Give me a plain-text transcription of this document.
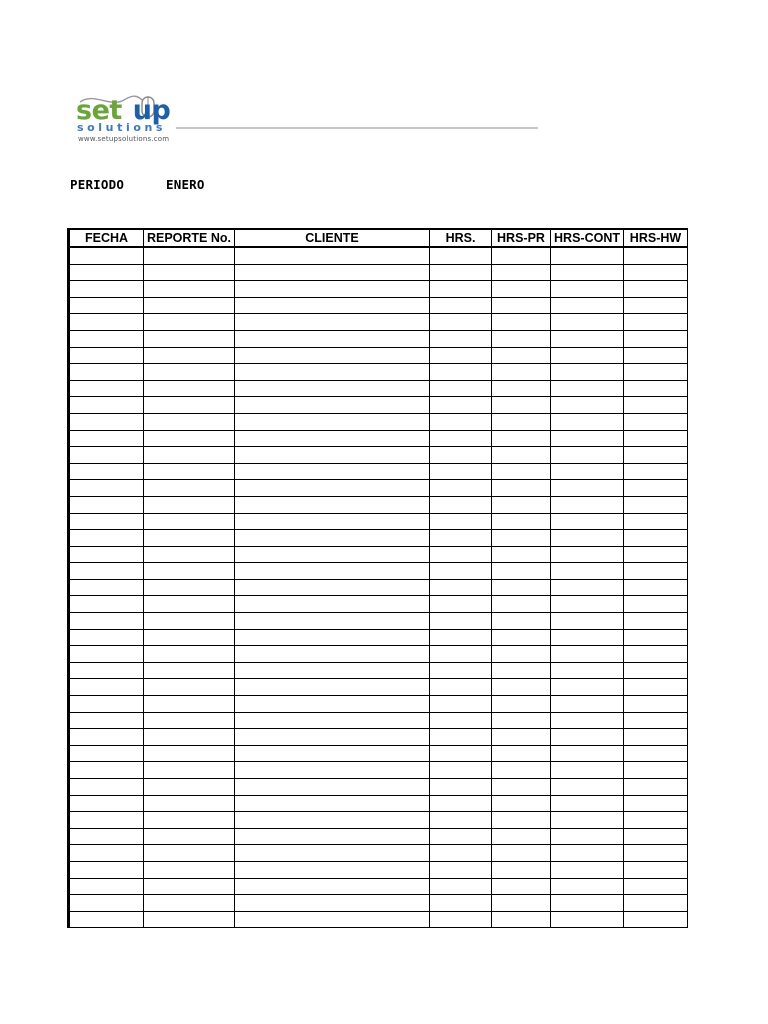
set up
solutions
www.setupsolutions.com
PERIODO	ENERO
FECHA	REPORTE No.	CLIENTE	HRS.	HRS-PR	HRS-CONT	HRS-HW
